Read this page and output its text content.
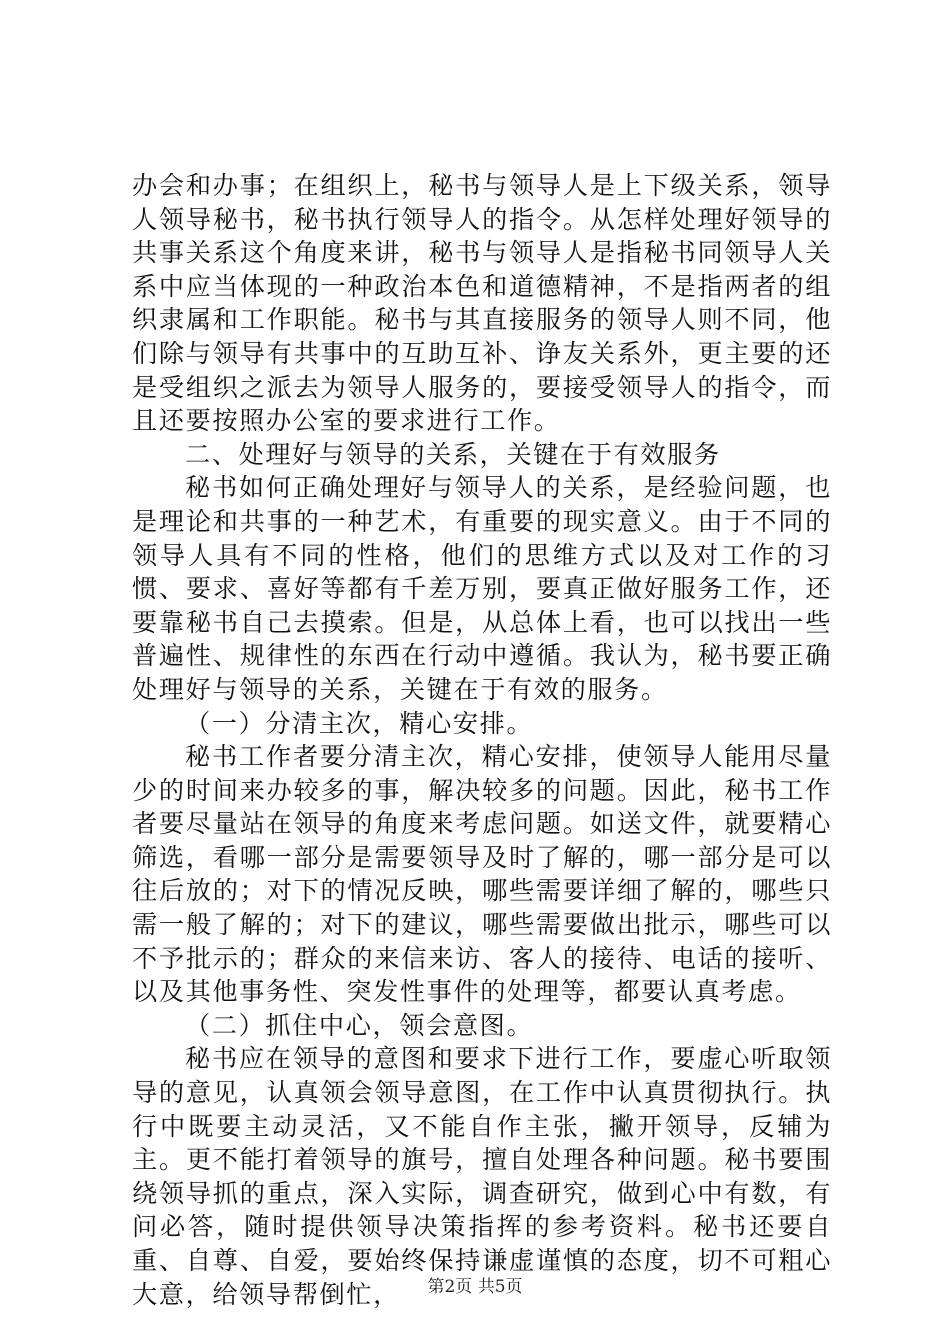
办会和办事；在组织上，秘书与领导人是上下级关系，领导人领导秘书，秘书执行领导人的指令。从怎样处理好领导的共事关系这个角度来讲，秘书与领导人是指秘书同领导人关系中应当体现的一种政治本色和道德精神，不是指两者的组织隶属和工作职能。秘书与其直接服务的领导人则不同，他们除与领导有共事中的互助互补、诤友关系外，更主要的还是受组织之派去为领导人服务的，要接受领导人的指令，而且还要按照办公室的要求进行工作。

二、处理好与领导的关系，关键在于有效服务

秘书如何正确处理好与领导人的关系，是经验问题，也是理论和共事的一种艺术，有重要的现实意义。由于不同的领导人具有不同的性格，他们的思维方式以及对工作的习惯、要求、喜好等都有千差万别，要真正做好服务工作，还要靠秘书自己去摸索。但是，从总体上看，也可以找出一些普遍性、规律性的东西在行动中遵循。我认为，秘书要正确处理好与领导的关系，关键在于有效的服务。

（一）分清主次，精心安排。

秘书工作者要分清主次，精心安排，使领导人能用尽量少的时间来办较多的事，解决较多的问题。因此，秘书工作者要尽量站在领导的角度来考虑问题。如送文件，就要精心筛选，看哪一部分是需要领导及时了解的，哪一部分是可以往后放的；对下的情况反映，哪些需要详细了解的，哪些只需一般了解的；对下的建议，哪些需要做出批示，哪些可以不予批示的；群众的来信来访、客人的接待、电话的接听、以及其他事务性、突发性事件的处理等，都要认真考虑。

（二）抓住中心，领会意图。

秘书应在领导的意图和要求下进行工作，要虚心听取领导的意见，认真领会领导意图，在工作中认真贯彻执行。执行中既要主动灵活，又不能自作主张，撇开领导，反辅为主。更不能打着领导的旗号，擅自处理各种问题。秘书要围绕领导抓的重点，深入实际，调查研究，做到心中有数，有问必答，随时提供领导决策指挥的参考资料。秘书还要自重、自尊、自爱，要始终保持谦虚谨慎的态度，切不可粗心大意，给领导帮倒忙，	第2页 共5页
